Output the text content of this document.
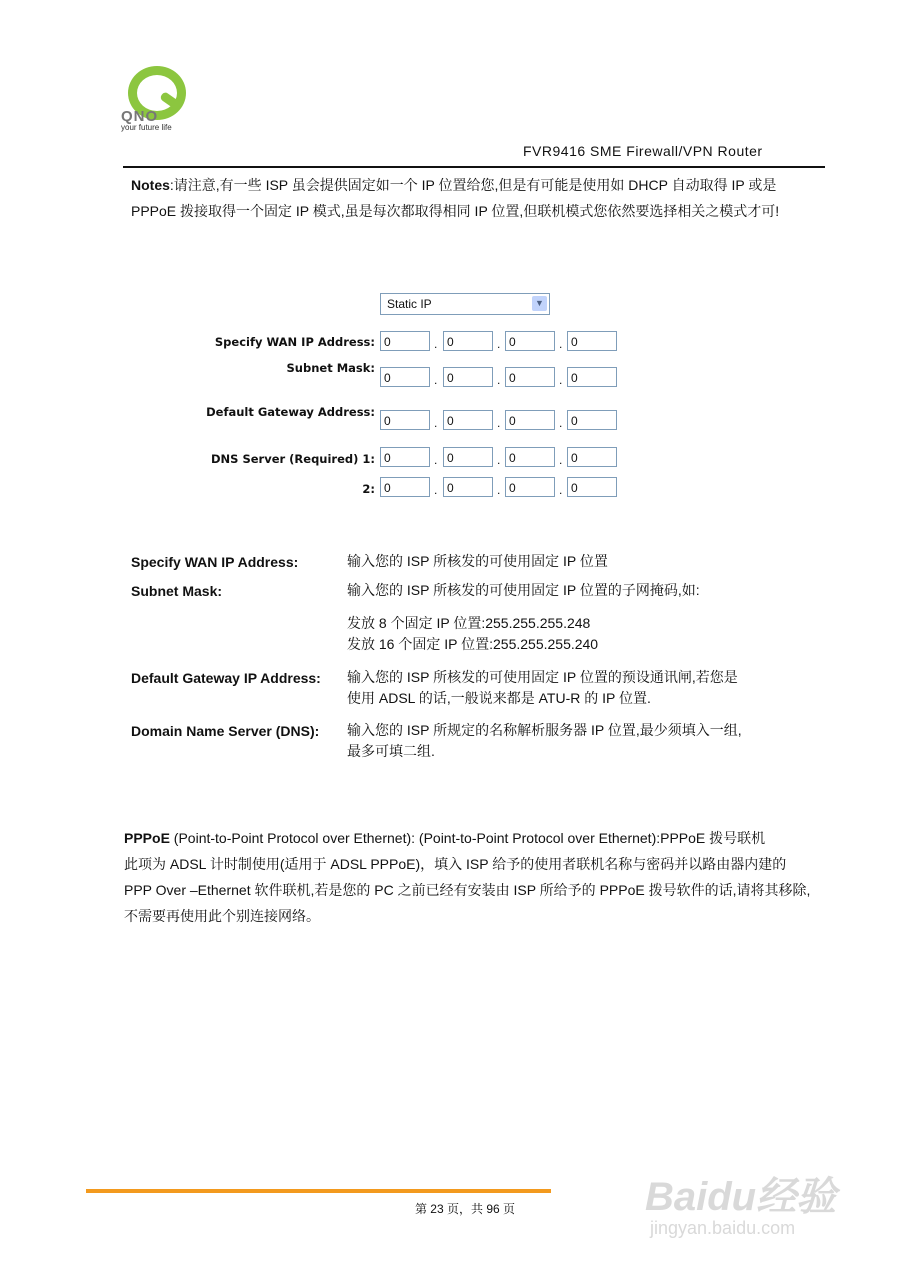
QNO
your future life
FVR9416 SME Firewall/VPN Router
Notes:请注意,有一些 ISP 虽会提供固定如一个 IP 位置给您,但是有可能是使用如 DHCP 自动取得 IP 或是
PPPoE 拨接取得一个固定 IP 模式,虽是每次都取得相同 IP 位置,但联机模式您依然要选择相关之模式才可!
Static IP	▼
Specify WAN IP Address: 0	. 0	. 0	. 0
Subnet Mask:
0	. 0	. 0	. 0
Default Gateway Address:
0	. 0	. 0	. 0
DNS Server (Required) 1: 0	. 0	. 0	. 0
2: 0	. 0	. 0	. 0
Specify WAN IP Address:	输入您的 ISP 所核发的可使用固定 IP 位置
Subnet Mask:	输入您的 ISP 所核发的可使用固定 IP 位置的子网掩码,如:
发放 8 个固定 IP 位置:255.255.255.248
发放 16 个固定 IP 位置:255.255.255.240
Default Gateway IP Address: 输入您的 ISP 所核发的可使用固定 IP 位置的预设通讯闸,若您是
使用 ADSL 的话,一般说来都是 ATU-R 的 IP 位置.
Domain Name Server (DNS): 输入您的 ISP 所规定的名称解析服务器 IP 位置,最少须填入一组,
最多可填二组.
PPPoE (Point-to-Point Protocol over Ethernet): (Point-to-Point Protocol over Ethernet):PPPoE 拨号联机
此项为 ADSL 计时制使用(适用于 ADSL PPPoE)，填入 ISP 给予的使用者联机名称与密码并以路由器内建的
PPP Over –Ethernet 软件联机,若是您的 PC 之前已经有安装由 ISP 所给予的 PPPoE 拨号软件的话,请将其移除,
不需要再使用此个别连接网络。
第 23 页，共 96 页	Baidu经验
jingyan.baidu.com
